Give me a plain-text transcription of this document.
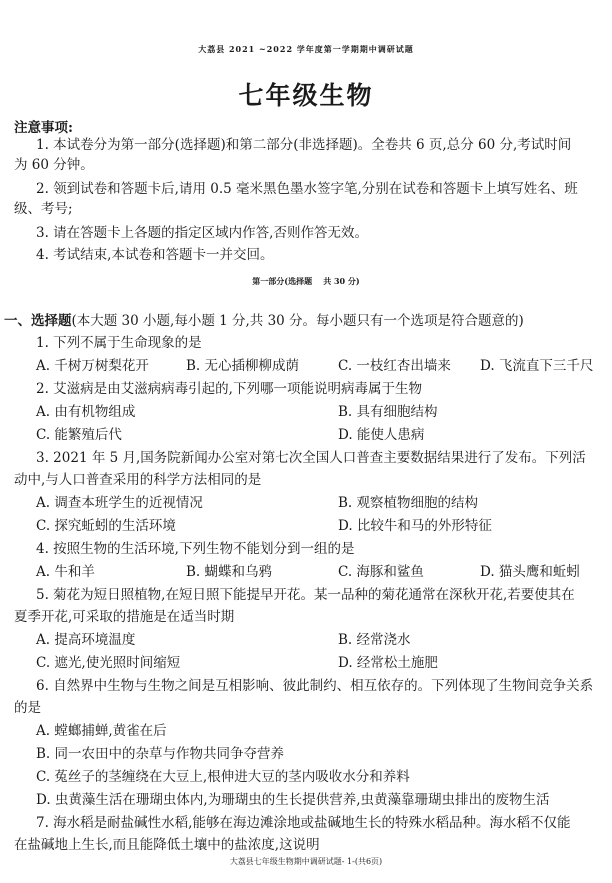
大荔县 2021 ~2022 学年度第一学期期中调研试题
七年级生物
注意事项:
1. 本试卷分为第一部分(选择题)和第二部分(非选择题)。全卷共 6 页,总分 60 分,考试时间
为 60 分钟。
2. 领到试卷和答题卡后,请用 0.5 毫米黑色墨水签字笔,分别在试卷和答题卡上填写姓名、班
级、考号;
3. 请在答题卡上各题的指定区域内作答,否则作答无效。
4. 考试结束,本试卷和答题卡一并交回。
第一部分(选择题    共 30 分)
一、选择题(本大题 30 小题,每小题 1 分,共 30 分。每小题只有一个选项是符合题意的)
1. 下列不属于生命现象的是
A. 千树万树梨花开	B. 无心插柳柳成荫	C. 一枝红杏出墙来 D. 飞流直下三千尺
2. 艾滋病是由艾滋病病毒引起的,下列哪一项能说明病毒属于生物
A. 由有机物组成	B. 具有细胞结构
C. 能繁殖后代	D. 能使人患病
3. 2021 年 5 月,国务院新闻办公室对第七次全国人口普查主要数据结果进行了发布。下列活
动中,与人口普查采用的科学方法相同的是
A. 调查本班学生的近视情况	B. 观察植物细胞的结构
C. 探究蚯蚓的生活环境	D. 比较牛和马的外形特征
4. 按照生物的生活环境,下列生物不能划分到一组的是
A. 牛和羊	B. 蝴蝶和乌鸦	C. 海豚和鲨鱼	D. 猫头鹰和蚯蚓
5. 菊花为短日照植物,在短日照下能提早开花。某一品种的菊花通常在深秋开花,若要使其在
夏季开花,可采取的措施是在适当时期
A. 提高环境温度	B. 经常浇水
C. 遮光,使光照时间缩短	D. 经常松土施肥
6. 自然界中生物与生物之间是互相影响、彼此制约、相互依存的。下列体现了生物间竞争关系
的是
A. 螳螂捕蝉,黄雀在后
B. 同一农田中的杂草与作物共同争夺营养
C. 菟丝子的茎缠绕在大豆上,根伸进大豆的茎内吸收水分和养料
D. 虫黄藻生活在珊瑚虫体内,为珊瑚虫的生长提供营养,虫黄藻靠珊瑚虫排出的废物生活
7. 海水稻是耐盐碱性水稻,能够在海边滩涂地或盐碱地生长的特殊水稻品种。海水稻不仅能
在盐碱地上生长,而且能降低土壤中的盐浓度,这说明
大荔县七年级生物期中调研试题- 1-(共6页)
